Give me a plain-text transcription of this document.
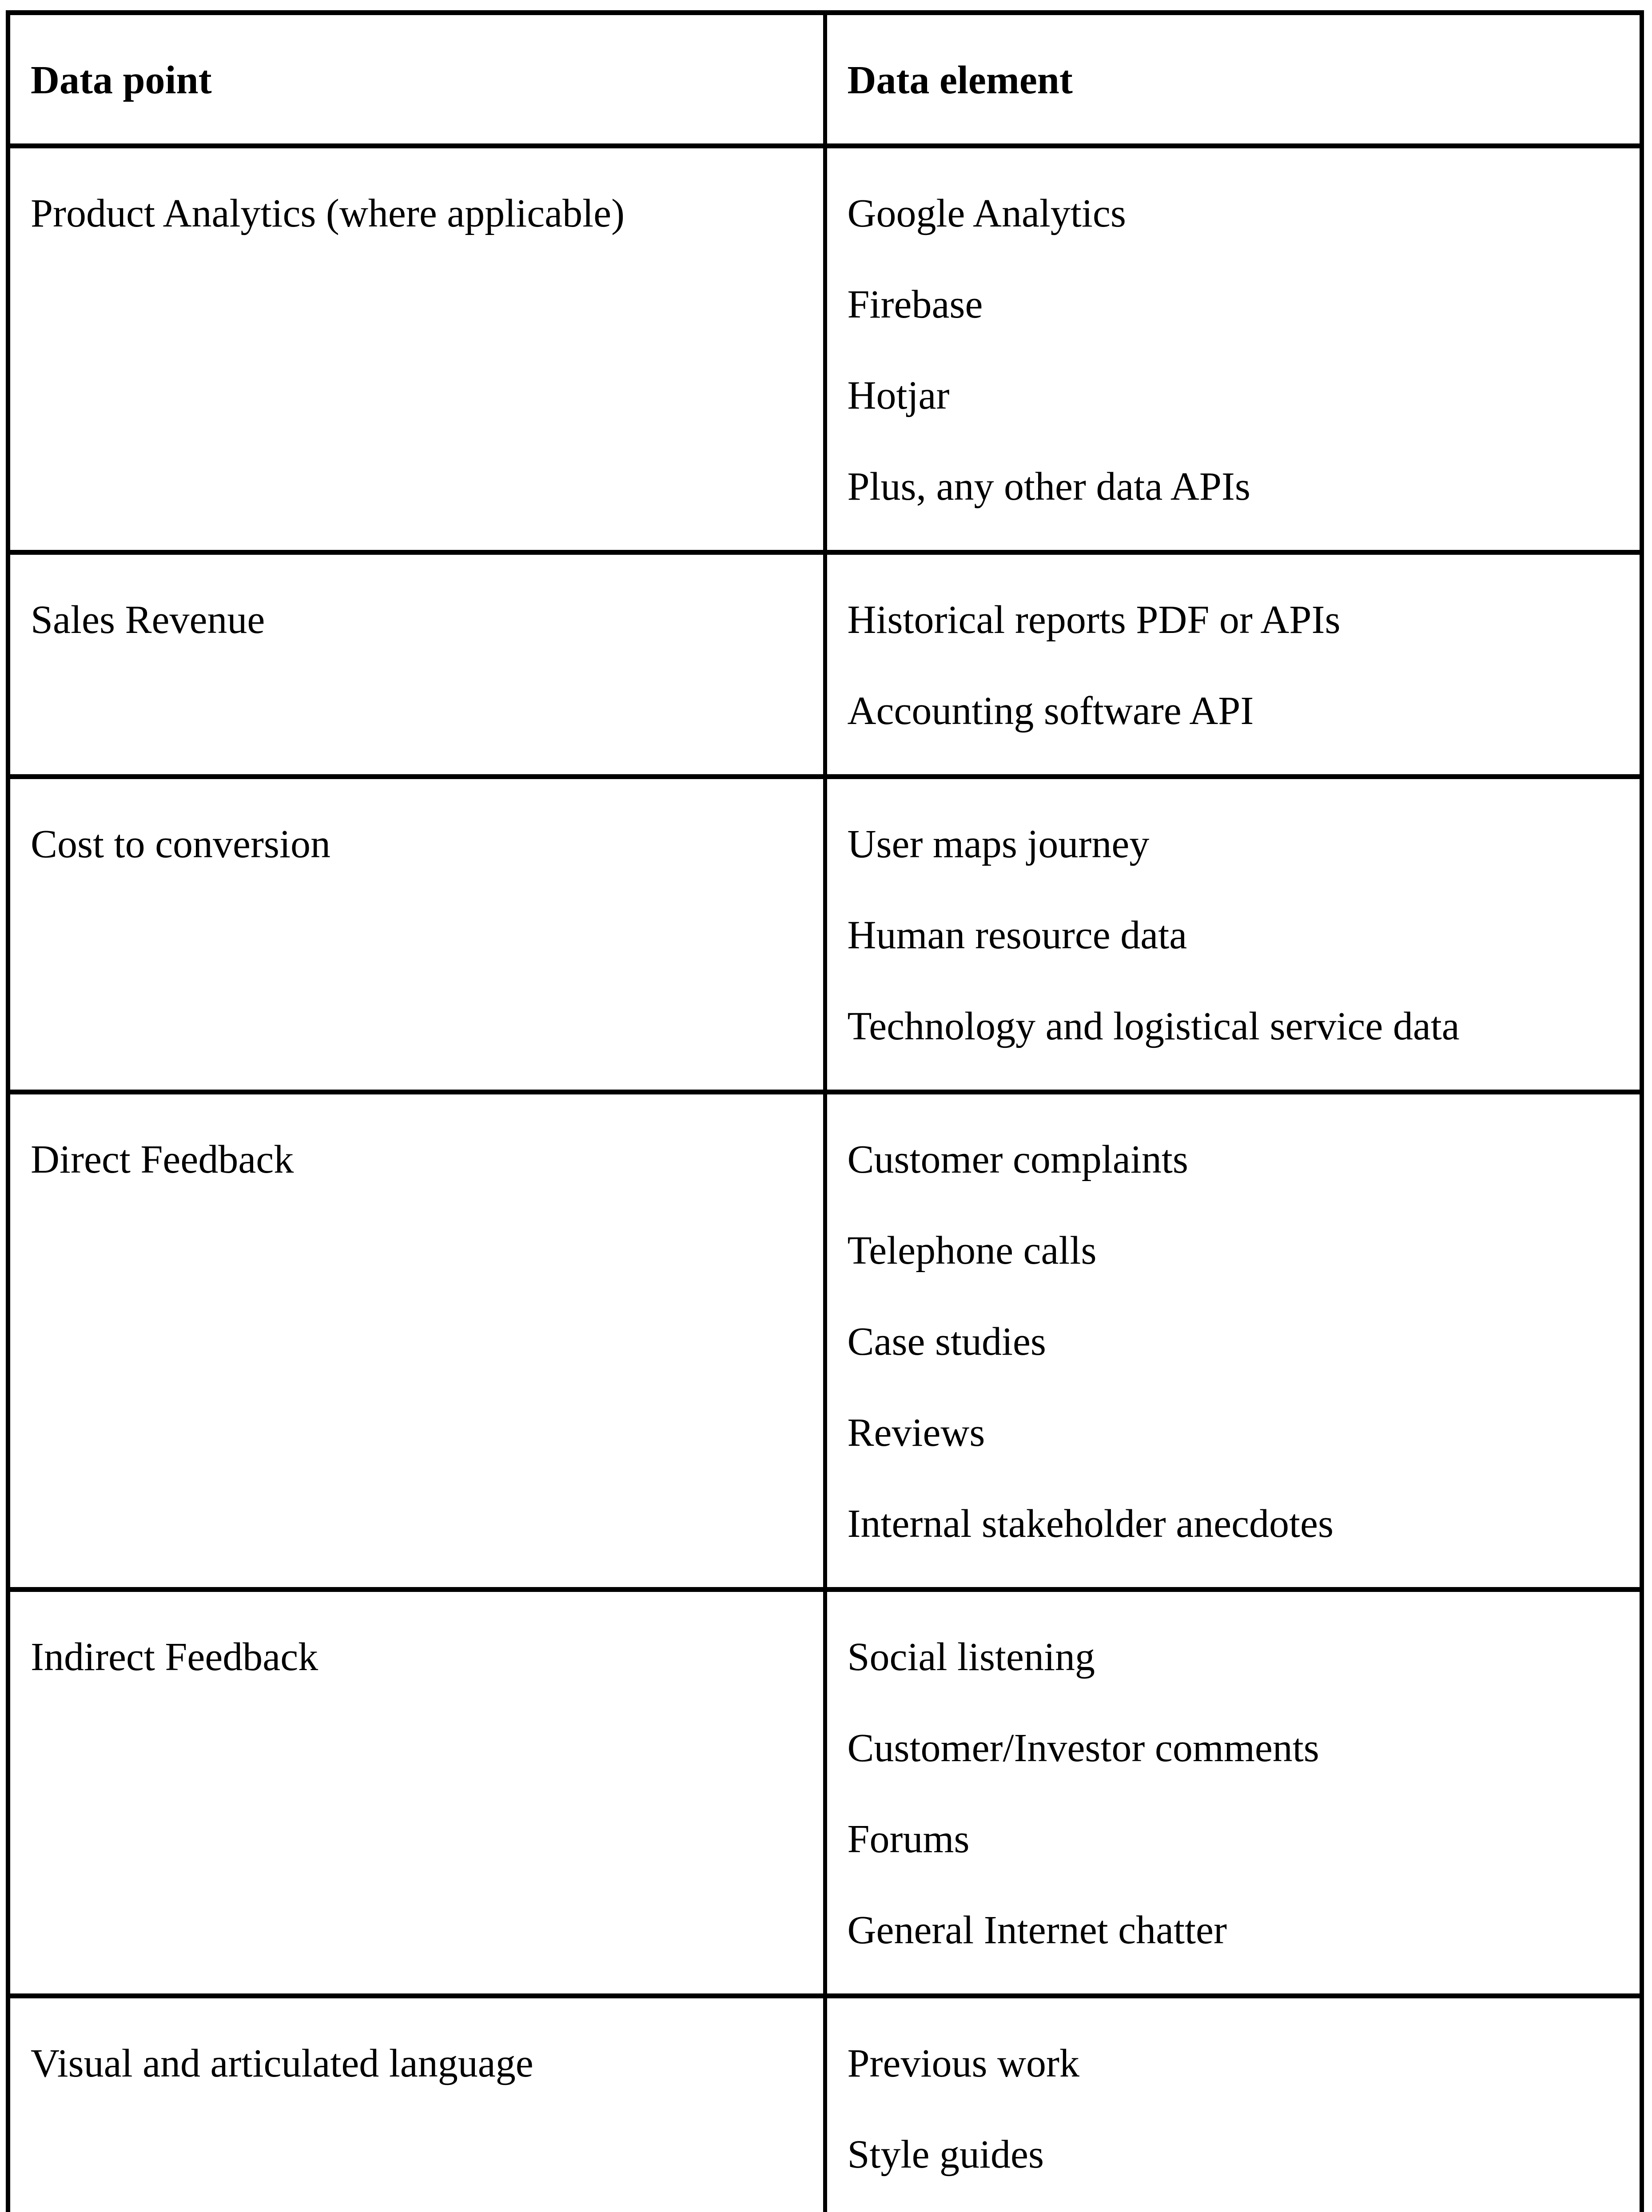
Data point	Data element

Product Analytics (where applicable)	Google Analytics

Firebase

Hotjar

Plus, any other data APIs

Sales Revenue	Historical reports PDF or APIs

Accounting software API

Cost to conversion	User maps journey

Human resource data

Technology and logistical service data

Direct Feedback	Customer complaints

Telephone calls

Case studies

Reviews

Internal stakeholder anecdotes

Indirect Feedback	Social listening

Customer/Investor comments

Forums

General Internet chatter

Visual and articulated language	Previous work

Style guides
